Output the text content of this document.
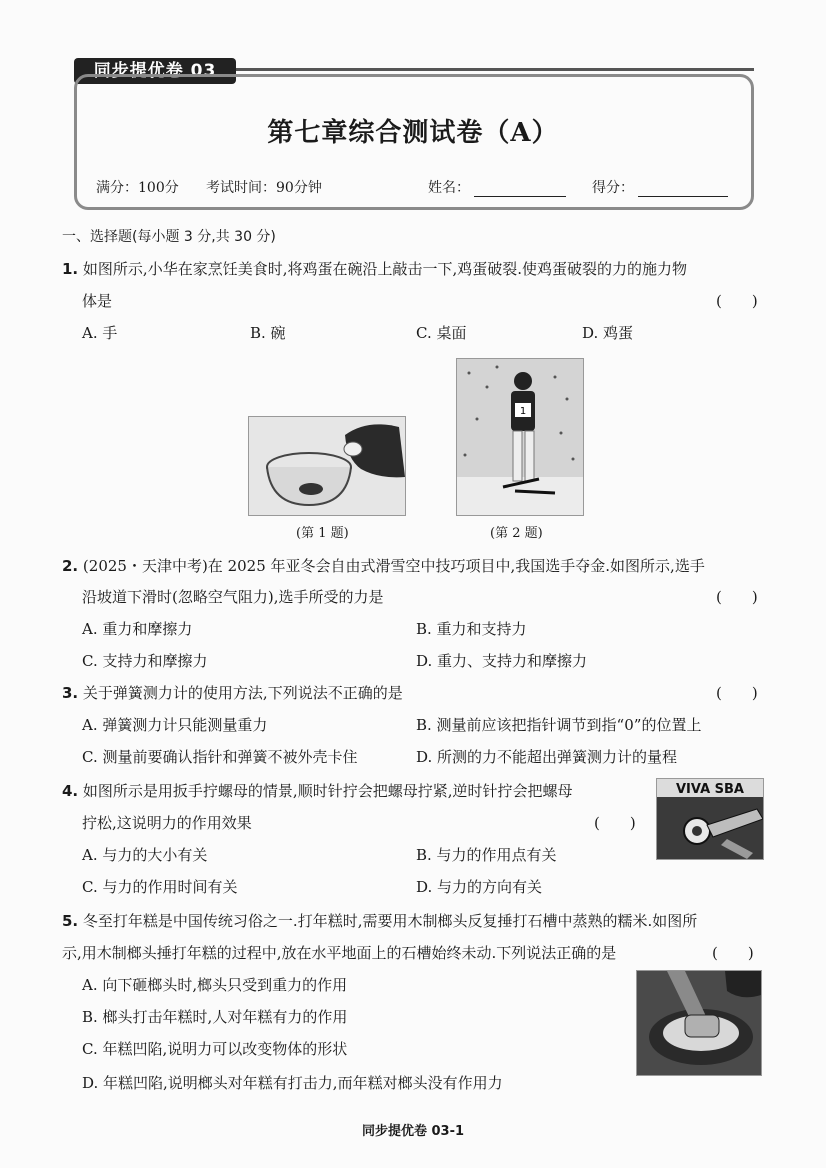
同步提优卷 03
第七章综合测试卷（A）
满分：100分 考试时间：90分钟	姓名：	得分：
一、选择题(每小题 3 分,共 30 分)
1. 如图所示,小华在家烹饪美食时,将鸡蛋在碗沿上敲击一下,鸡蛋破裂.使鸡蛋破裂的力的施力物
体是	(　　)
A. 手	B. 碗	C. 桌面	D. 鸡蛋
(第 1 题)
1
(第 2 题)
2. (2025・天津中考)在 2025 年亚冬会自由式滑雪空中技巧项目中,我国选手夺金.如图所示,选手
沿坡道下滑时(忽略空气阻力),选手所受的力是	(　　)
A. 重力和摩擦力	B. 重力和支持力
C. 支持力和摩擦力	D. 重力、支持力和摩擦力
3. 关于弹簧测力计的使用方法,下列说法不正确的是	(　　)
A. 弹簧测力计只能测量重力	B. 测量前应该把指针调节到指“0”的位置上
C. 测量前要确认指针和弹簧不被外壳卡住	D. 所测的力不能超出弹簧测力计的量程
4. 如图所示是用扳手拧螺母的情景,顺时针拧会把螺母拧紧,逆时针拧会把螺母
拧松,这说明力的作用效果	(　　)
VIVA SBA
A. 与力的大小有关	B. 与力的作用点有关
C. 与力的作用时间有关	D. 与力的方向有关
5. 冬至打年糕是中国传统习俗之一.打年糕时,需要用木制榔头反复捶打石槽中蒸熟的糯米.如图所
示,用木制榔头捶打年糕的过程中,放在水平地面上的石槽始终未动.下列说法正确的是	(　　)
A. 向下砸榔头时,榔头只受到重力的作用
B. 榔头打击年糕时,人对年糕有力的作用
C. 年糕凹陷,说明力可以改变物体的形状
D. 年糕凹陷,说明榔头对年糕有打击力,而年糕对榔头没有作用力
同步提优卷 03-1
